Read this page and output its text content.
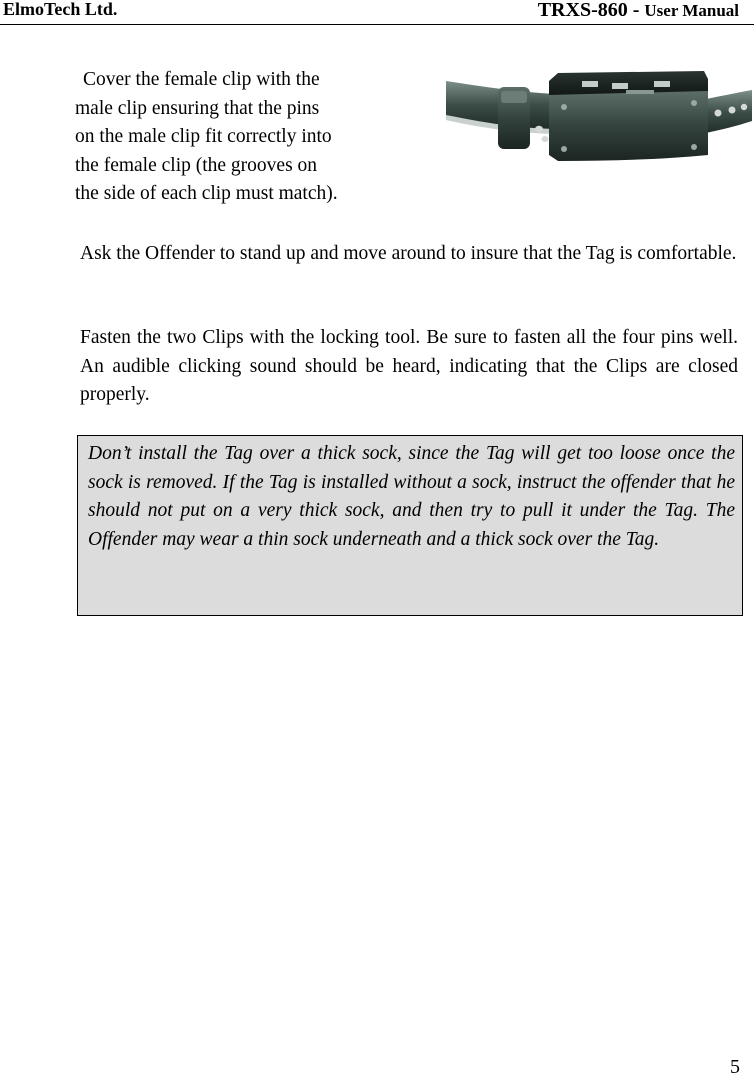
ElmoTech Ltd.	TRXS-860 - User Manual
Cover the female clip with the
male clip ensuring that the pins
on the male clip fit correctly into
the female clip (the grooves on
the side of each clip must match).
Ask the Offender to stand up and move around to insure that the Tag is comfortable.
Fasten the two Clips with the locking tool. Be sure to fasten all the four pins well. An audible clicking sound should be heard, indicating that the Clips are closed properly.
Don’t install the Tag over a thick sock, since the Tag will get too loose once the sock is removed. If the Tag is installed without a sock, instruct the offender that he should not put on a very thick sock, and then try to pull it under the Tag. The Offender may wear a thin sock underneath and a thick sock over the Tag.
5
